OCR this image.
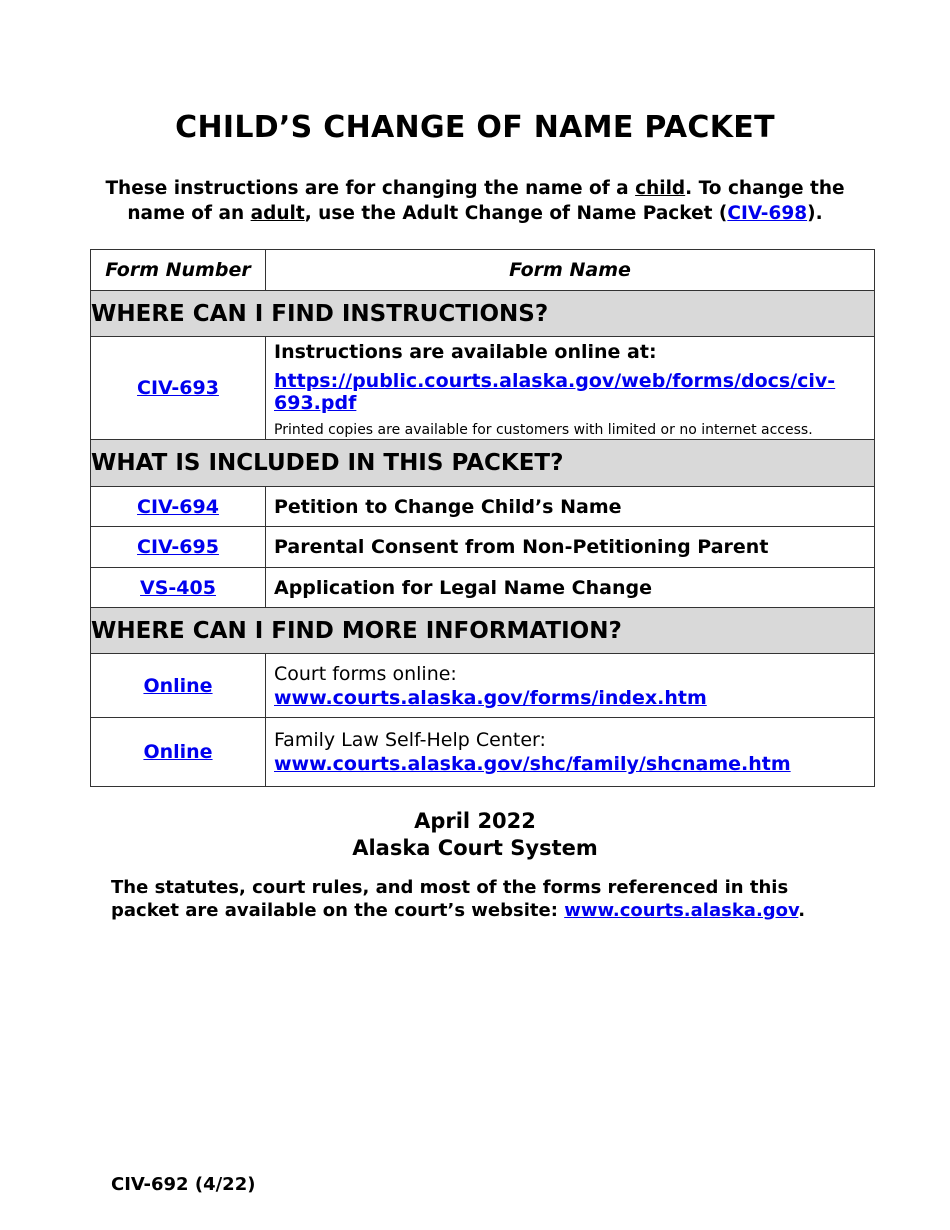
CHILD’S CHANGE OF NAME PACKET
These instructions are for changing the name of a child. To change the name of an adult, use the Adult Change of Name Packet (CIV-698).
Form Number	Form Name
WHERE CAN I FIND INSTRUCTIONS?	
CIV-693	Instructions are available online at:
https://public.courts.alaska.gov/web/forms/docs/civ-693.pdf
Printed copies are available for customers with limited or no internet access.

WHAT IS INCLUDED IN THIS PACKET?	
CIV-694	Petition to Change Child’s Name
CIV-695	Parental Consent from Non-Petitioning Parent
VS-405	Application for Legal Name Change
WHERE CAN I FIND MORE INFORMATION?	
Online	Court forms online:
www.courts.alaska.gov/forms/index.htm

Online	Family Law Self-Help Center:
www.courts.alaska.gov/shc/family/shcname.htm
April 2022
Alaska Court System
The statutes, court rules, and most of the forms referenced in this packet are available on the court’s website: www.courts.alaska.gov.
CIV-692 (4/22)
